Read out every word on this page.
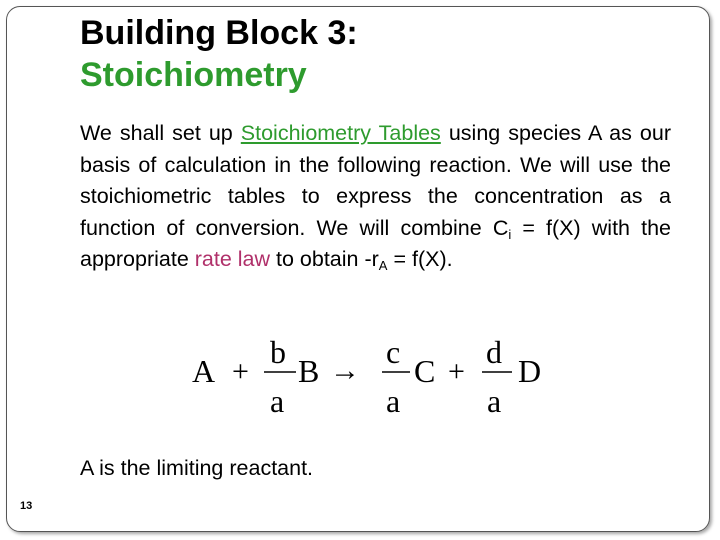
Building Block 3:
Stoichiometry

We shall set up Stoichiometry Tables using species A as our basis of calculation in the following reaction. We will use the stoichiometric tables to express the concentration as a function of conversion. We will combine $C_i = f(X)$ with the appropriate rate law to obtain $-r_A = f(X)$.

A +
b
a
B →
c
a
C +
d
a
D

A is the limiting reactant.

13
